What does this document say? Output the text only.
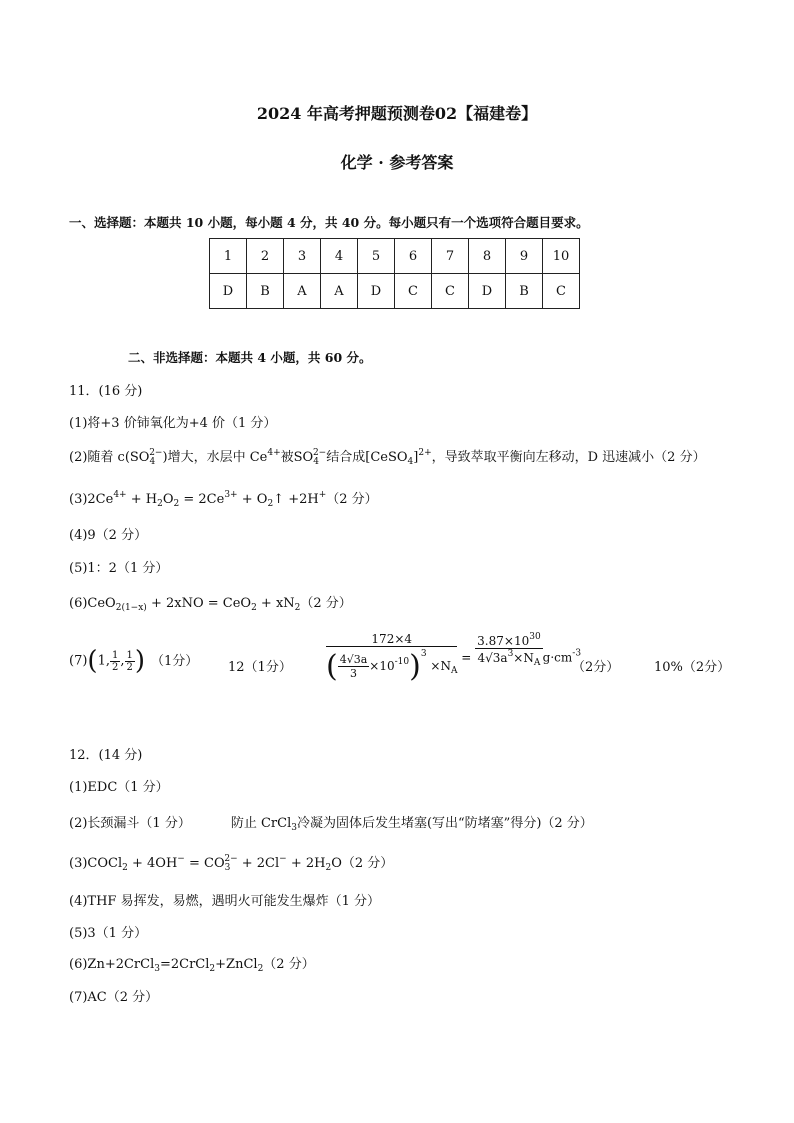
2024 年高考押题预测卷02【福建卷】
化学 · 参考答案
一、选择题：本题共 10 小题，每小题 4 分，共 40 分。每小题只有一个选项符合题目要求。
1	2	3	4	5	6	7	8	9	10
D	B	A	A	D	C	C	D	B	C
二、非选择题：本题共 4 小题，共 60 分。
11．(16 分)
(1)将+3 价铈氧化为+4 价（1 分）
(2)随着 $c(SO_4^{2-})$增大，水层中 $Ce^{4+}$被$SO_4^{2-}$结合成[CeSO$_4$]$^{2+}$，导致萃取平衡向左移动，D 迅速减小（2 分）
$(3)2Ce^{4+} + H_2O_2 = 2Ce^{3+}$ + $O_2↑ +2H^+(2$ 分）
(4)9（2 分）
(5)1：2（1 分）
$(6)CeO_{2(1-x)} + 2xNO = CeO_2 + xN_2(2$ 分）
(7)(1, $\frac{1}{2}$ , $\frac{1}{2}$ ) （1分） 12（1分）	$\frac{172\times 4}{( \frac{4√3a}{3} \times 10^{-10})^3 \times N_A} = \frac{3.87\times 10^{30}}{4√3a^3\times N_A} g\cdot cm^{-3}$
（2分）	10%（2分）
12．(14 分)
(1)EDC（1 分）
(2)长颈漏斗（1 分）	防止 CrCl$_3$冷凝为固体后发生堵塞(写出“防堵塞”得分)（2 分）
(3)COCl$_2$ + $4OH^- = CO_3^{2-} + 2Cl^- + 2H_2O(2$ 分）
(4)THF 易挥发，易燃，遇明火可能发生爆炸（1 分）
(5)3（1 分）
(6)Zn+2CrCl$_3$=2CrCl$_2$+ZnCl$_2$（2 分）
(7)AC（2 分）
